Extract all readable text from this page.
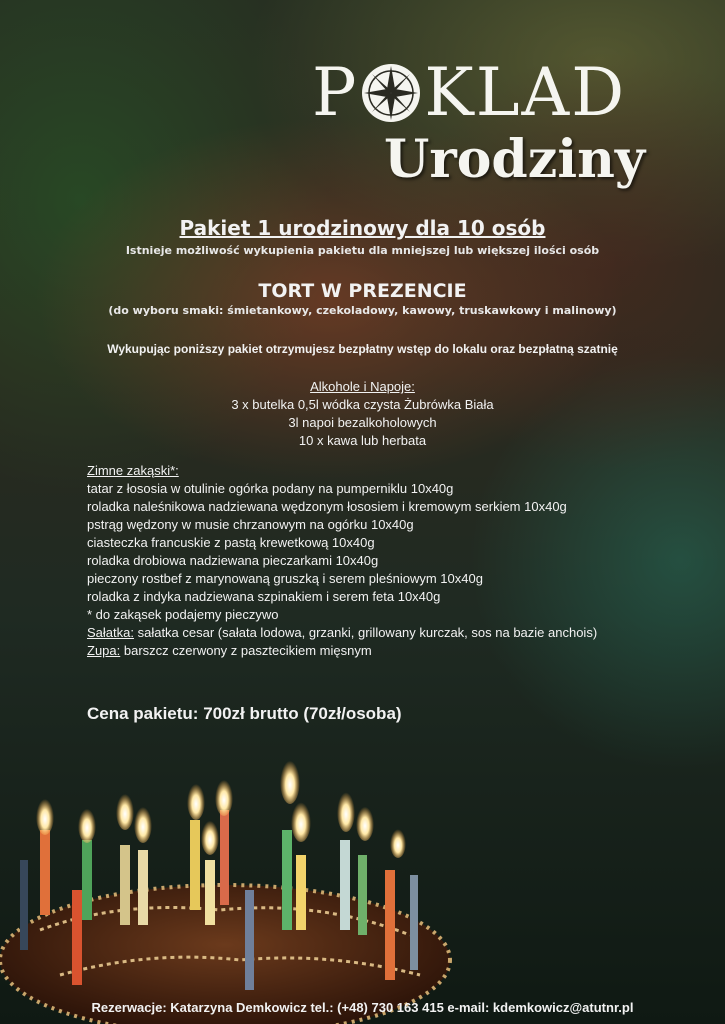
P KLAD
Urodziny
Pakiet 1 urodzinowy dla 10 osób
Istnieje możliwość wykupienia pakietu dla mniejszej lub większej ilości osób
TORT W PREZENCIE
(do wyboru smaki: śmietankowy, czekoladowy, kawowy, truskawkowy i malinowy)
Wykupując poniższy pakiet otrzymujesz bezpłatny wstęp do lokalu oraz bezpłatną szatnię
Alkohole i Napoje:
3 x butelka 0,5l wódka czysta Żubrówka Biała
3l napoi bezalkoholowych
10 x kawa lub herbata
Zimne zakąski*:
tatar z łososia w otulinie ogórka podany na pumperniklu 10x40g
roladka naleśnikowa nadziewana wędzonym łososiem i kremowym serkiem 10x40g
pstrąg wędzony w musie chrzanowym na ogórku 10x40g
ciasteczka francuskie z pastą krewetkową 10x40g
roladka drobiowa nadziewana pieczarkami 10x40g
pieczony rostbef z marynowaną gruszką i serem pleśniowym 10x40g
roladka z indyka nadziewana szpinakiem i serem feta 10x40g
* do zakąsek podajemy pieczywo
Sałatka: sałatka cesar (sałata lodowa, grzanki, grillowany kurczak, sos na bazie anchois)
Zupa: barszcz czerwony z pasztecikiem mięsnym
Cena pakietu: 700zł brutto (70zł/osoba)
Rezerwacje: Katarzyna Demkowicz tel.: (+48) 730 163 415 e-mail: kdemkowicz@atutnr.pl
